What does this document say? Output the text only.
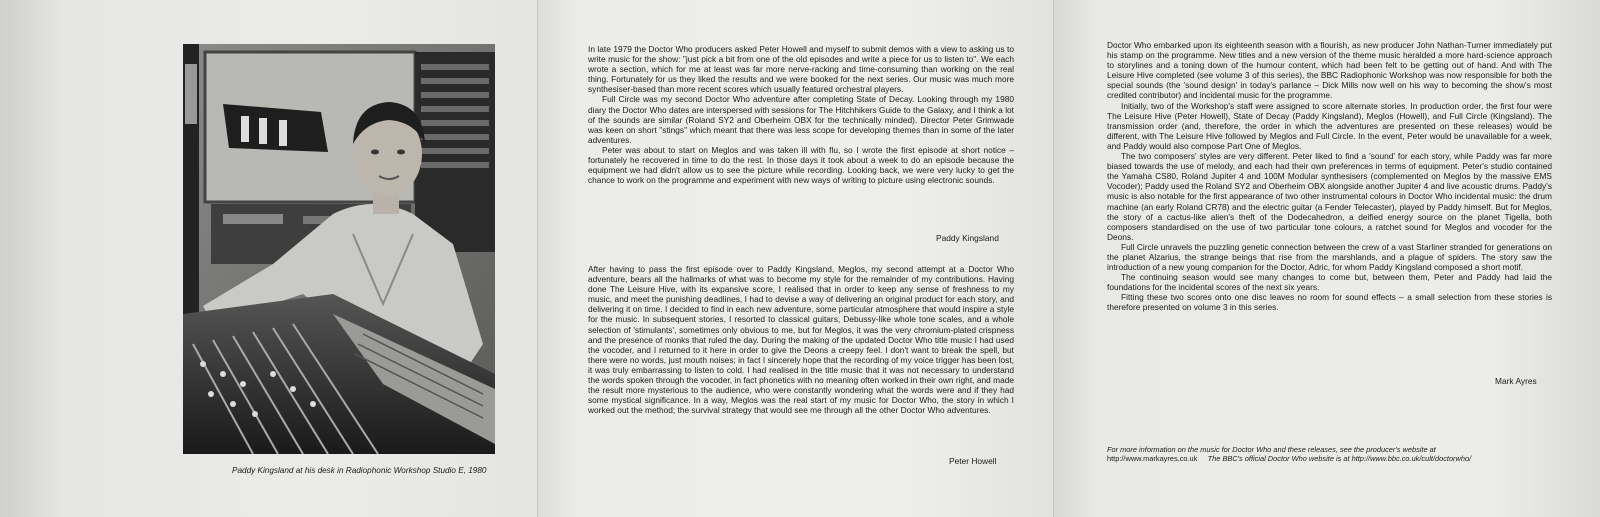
Paddy Kingsland at his desk in Radiophonic Workshop Studio E, 1980

In late 1979 the Doctor Who producers asked Peter Howell and myself to submit demos with a view to asking us to write music for the show: "just pick a bit from one of the old episodes and write a piece for us to listen to". We each wrote a section, which for me at least was far more nerve-racking and time-consuming than working on the real thing. Fortunately for us they liked the results and we were booked for the next series. Our music was much more synthesiser-based than more recent scores which usually featured orchestral players.

Full Circle was my second Doctor Who adventure after completing State of Decay. Looking through my 1980 diary the Doctor Who dates are interspersed with sessions for The Hitchhikers Guide to the Galaxy, and I think a lot of the sounds are similar (Roland SY2 and Oberheim OBX for the technically minded). Director Peter Grimwade was keen on short "stings" which meant that there was less scope for developing themes than in some of the later adventures.

Peter was about to start on Meglos and was taken ill with flu, so I wrote the first episode at short notice – fortunately he recovered in time to do the rest. In those days it took about a week to do an episode because the equipment we had didn't allow us to see the picture while recording. Looking back, we were very lucky to get the chance to work on the programme and experiment with new ways of writing to picture using electronic sounds.

Paddy Kingsland

After having to pass the first episode over to Paddy Kingsland, Meglos, my second attempt at a Doctor Who adventure, bears all the hallmarks of what was to become my style for the remainder of my contributions. Having done The Leisure Hive, with its expansive score, I realised that in order to keep any sense of freshness to my music, and meet the punishing deadlines, I had to devise a way of delivering an original product for each story, and delivering it on time. I decided to find in each new adventure, some particular atmosphere that would inspire a style for the music. In subsequent stories, I resorted to classical guitars, Debussy-like whole tone scales, and a whole selection of 'stimulants', sometimes only obvious to me, but for Meglos, it was the very chromium-plated crispness and the presence of monks that ruled the day. During the making of the updated Doctor Who title music I had used the vocoder, and I returned to it here in order to give the Deons a creepy feel. I don't want to break the spell, but there were no words, just mouth noises; in fact I sincerely hope that the recording of my voice trigger has been lost, it was truly embarrassing to listen to cold. I had realised in the title music that it was not necessary to understand the words spoken through the vocoder, in fact phonetics with no meaning often worked in their own right, and made the result more mysterious to the audience, who were constantly wondering what the words were and if they had some mystical significance. In a way, Meglos was the real start of my music for Doctor Who, the story in which I worked out the method; the survival strategy that would see me through all the other Doctor Who adventures.

Peter Howell

Doctor Who embarked upon its eighteenth season with a flourish, as new producer John Nathan-Turner immediately put his stamp on the programme. New titles and a new version of the theme music heralded a more hard-science approach to storylines and a toning down of the humour content, which had been felt to be getting out of hand. And with The Leisure Hive completed (see volume 3 of this series), the BBC Radiophonic Workshop was now responsible for both the special sounds (the 'sound design' in today's parlance – Dick Mills now well on his way to becoming the show's most credited contributor) and incidental music for the programme.

Initially, two of the Workshop's staff were assigned to score alternate stories. In production order, the first four were The Leisure Hive (Peter Howell), State of Decay (Paddy Kingsland), Meglos (Howell), and Full Circle (Kingsland). The transmission order (and, therefore, the order in which the adventures are presented on these releases) would be different, with The Leisure Hive followed by Meglos and Full Circle. In the event, Peter would be unavailable for a week, and Paddy would also compose Part One of Meglos.

The two composers' styles are very different. Peter liked to find a 'sound' for each story, while Paddy was far more biased towards the use of melody, and each had their own preferences in terms of equipment. Peter's studio contained the Yamaha CS80, Roland Jupiter 4 and 100M Modular synthesisers (complemented on Meglos by the massive EMS Vocoder); Paddy used the Roland SY2 and Oberheim OBX alongside another Jupiter 4 and live acoustic drums. Paddy's music is also notable for the first appearance of two other instrumental colours in Doctor Who incidental music: the drum machine (an early Roland CR78) and the electric guitar (a Fender Telecaster), played by Paddy himself. But for Meglos, the story of a cactus-like alien's theft of the Dodecahedron, a deified energy source on the planet Tigella, both composers standardised on the use of two particular tone colours, a ratchet sound for Meglos and vocoder for the Deons.

Full Circle unravels the puzzling genetic connection between the crew of a vast Starliner stranded for generations on the planet Alzarius, the strange beings that rise from the marshlands, and a plague of spiders. The story saw the introduction of a new young companion for the Doctor, Adric, for whom Paddy Kingsland composed a short motif.

The continuing season would see many changes to come but, between them, Peter and Paddy had laid the foundations for the incidental scores of the next six years.

Fitting these two scores onto one disc leaves no room for sound effects – a small selection from these stories is therefore presented on volume 3 in this series.

Mark Ayres
For more information on the music for Doctor Who and these releases, see the producer's website at
http://www.markayres.co.uk The BBC's official Doctor Who website is at http://www.bbc.co.uk/cult/doctorwho/
